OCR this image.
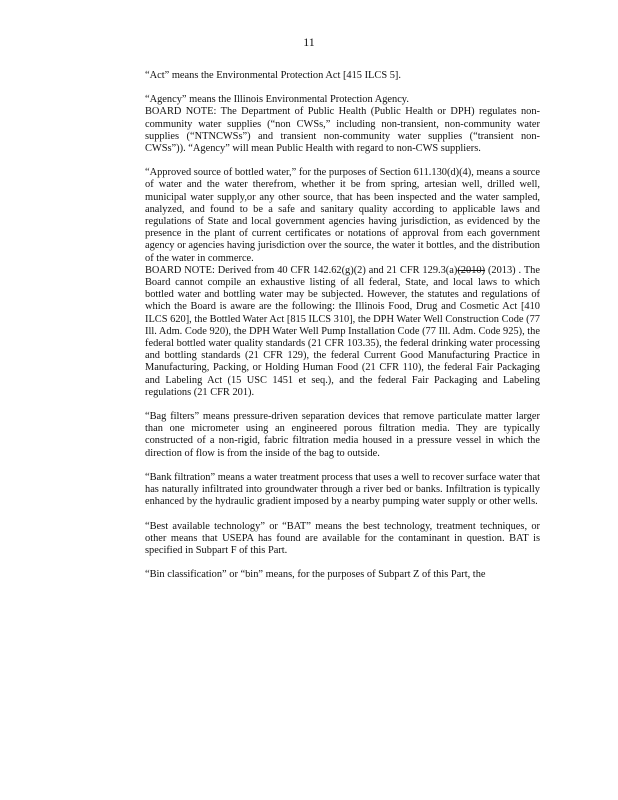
11

“Act” means the Environmental Protection Act [415 ILCS 5].

“Agency” means the Illinois Environmental Protection Agency.

BOARD NOTE: The Department of Public Health (Public Health or DPH) regulates non-community water supplies (“non CWSs,” including non-transient, non-community water supplies (“NTNCWSs”) and transient non-community water supplies (“transient non-CWSs”)). “Agency” will mean Public Health with regard to non-CWS suppliers.

“Approved source of bottled water,” for the purposes of Section 611.130(d)(4), means a source of water and the water therefrom, whether it be from spring, artesian well, drilled well, municipal water supply,or any other source, that has been inspected and the water sampled, analyzed, and found to be a safe and sanitary quality according to applicable laws and regulations of State and local government agencies having jurisdiction, as evidenced by the presence in the plant of current certificates or notations of approval from each government agency or agencies having jurisdiction over the source, the water it bottles, and the distribution of the water in commerce.

BOARD NOTE: Derived from 40 CFR 142.62(g)(2) and 21 CFR 129.3(a)(2010) (2013) . The Board cannot compile an exhaustive listing of all federal, State, and local laws to which bottled water and bottling water may be subjected. However, the statutes and regulations of which the Board is aware are the following: the Illinois Food, Drug and Cosmetic Act [410 ILCS 620], the Bottled Water Act [815 ILCS 310], the DPH Water Well Construction Code (77 Ill. Adm. Code 920), the DPH Water Well Pump Installation Code (77 Ill. Adm. Code 925), the federal bottled water quality standards (21 CFR 103.35), the federal drinking water processing and bottling standards (21 CFR 129), the federal Current Good Manufacturing Practice in Manufacturing, Packing, or Holding Human Food (21 CFR 110), the federal Fair Packaging and Labeling Act (15 USC 1451 et seq.), and the federal Fair Packaging and Labeling regulations (21 CFR 201).

“Bag filters” means pressure-driven separation devices that remove particulate matter larger than one micrometer using an engineered porous filtration media. They are typically constructed of a non-rigid, fabric filtration media housed in a pressure vessel in which the direction of flow is from the inside of the bag to outside.

“Bank filtration” means a water treatment process that uses a well to recover surface water that has naturally infiltrated into groundwater through a river bed or banks. Infiltration is typically enhanced by the hydraulic gradient imposed by a nearby pumping water supply or other wells.

“Best available technology” or “BAT” means the best technology, treatment techniques, or other means that USEPA has found are available for the contaminant in question. BAT is specified in Subpart F of this Part.

“Bin classification” or “bin” means, for the purposes of Subpart Z of this Part, the
